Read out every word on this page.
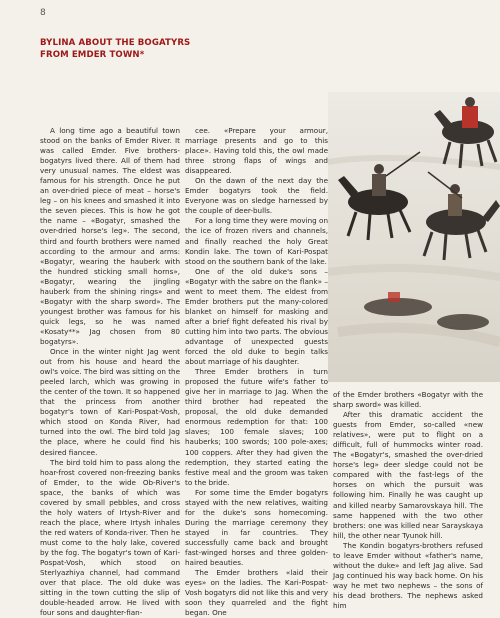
8
BYLINA ABOUT THE BOGATYRS
FROM EMDER TOWN*

A long time ago a beautiful town stood on the banks of Emder River. It was called Emder. Five brothers-bogatyrs lived there. All of them had very unusual names. The eldest was famous for his strength. Once he put an over-dried piece of meat – horse's leg – on his knees and smashed it into the seven pieces. This is how he got the name – «Bogatyr, smashed the over-dried horse's leg». The second, third and fourth brothers were named according to the armour and arms: «Bogatyr, wearing the hauberk with the hundred sticking small horns», «Bogatyr, wearing the jingling hauberk from the shining rings» and «Bogatyr with the sharp sword». The youngest brother was famous for his quick legs, so he was named «Kosaty**» Jag chosen from 80 bogatyrs».

Once in the winter night Jag went out from his house and heard the owl's voice. The bird was sitting on the peeled larch, which was growing in the center of the town. It so happened that the princess from another bogatyr's town of Kari-Pospat-Vosh, which stood on Konda River, had turned into the owl. The bird told Jag the place, where he could find his desired fiancee.

The bird told him to pass along the hoar-frost covered non-freezing banks of Emder, to the wide Ob-River's space, the banks of which was covered by small pebbles, and cross the holy waters of Irtysh-River and reach the place, where Irtysh inhales the red waters of Konda-river. Then he must come to the holy lake, covered by the fog. The bogatyr's town of Kari-Pospat-Vosh, which stood on Sterlyazhiya channel, had command over that place. The old duke was sitting in the town cutting the slip of double-headed arrow. He lived with four sons and daughter-fian-

cee. «Prepare your armour, marriage presents and go to this place». Having told this, the owl made three strong flaps of wings and disappeared.

On the dawn of the next day the Emder bogatyrs took the field. Everyone was on sledge harnessed by the couple of deer-bulls.

For a long time they were moving on the ice of frozen rivers and channels, and finally reached the holy Great Kondin lake. The town of Kari-Pospat stood on the southern bank of the lake.

One of the old duke's sons – «Bogatyr with the sabre on the flank» – went to meet them. The eldest from Emder brothers put the many-colored blanket on himself for masking and after a brief fight defeated his rival by cutting him into two parts. The obvious advantage of unexpected guests forced the old duke to begin talks about marriage of his daughter.

Three Emder brothers in turn proposed the future wife's father to give her in marriage to Jag. When the third brother had repeated the proposal, the old duke demanded enormous redemption for that: 100 slaves; 100 female slaves; 100 hauberks; 100 swords; 100 pole-axes; 100 coppers. After they had given the redemption, they started eating the festive meal and the groom was taken to the bride.

For some time the Emder bogatyrs stayed with the new relatives, waiting for the duke's sons homecoming. During the marriage ceremony they stayed in far countries. They successfully came back and brought fast-winged horses and three golden-haired beauties.

The Emder brothers «laid their eyes» on the ladies. The Kari-Pospat-Vosh bogatyrs did not like this and very soon they quarreled and the fight began. One

of the Emder brothers «Bogatyr with the sharp sword» was killed.

After this dramatic accident the guests from Emder, so-called «new relatives», were put to flight on a difficult, full of hummocks winter road. The «Bogatyr's, smashed the over-dried horse's leg» deer sledge could not be compared with the fast-legs of the horses on which the pursuit was following him. Finally he was caught up and killed nearby Samarovskaya hill. The same happened with the two other brothers: one was killed near Sarayskaya hill, the other near Tyunok hill.

The Kondin bogatyrs-brothers refused to leave Emder without «father's name, without the duke» and left Jag alive. Sad Jag continued his way back home. On his way he met two nephews – the sons of his dead brothers. The nephews asked him
